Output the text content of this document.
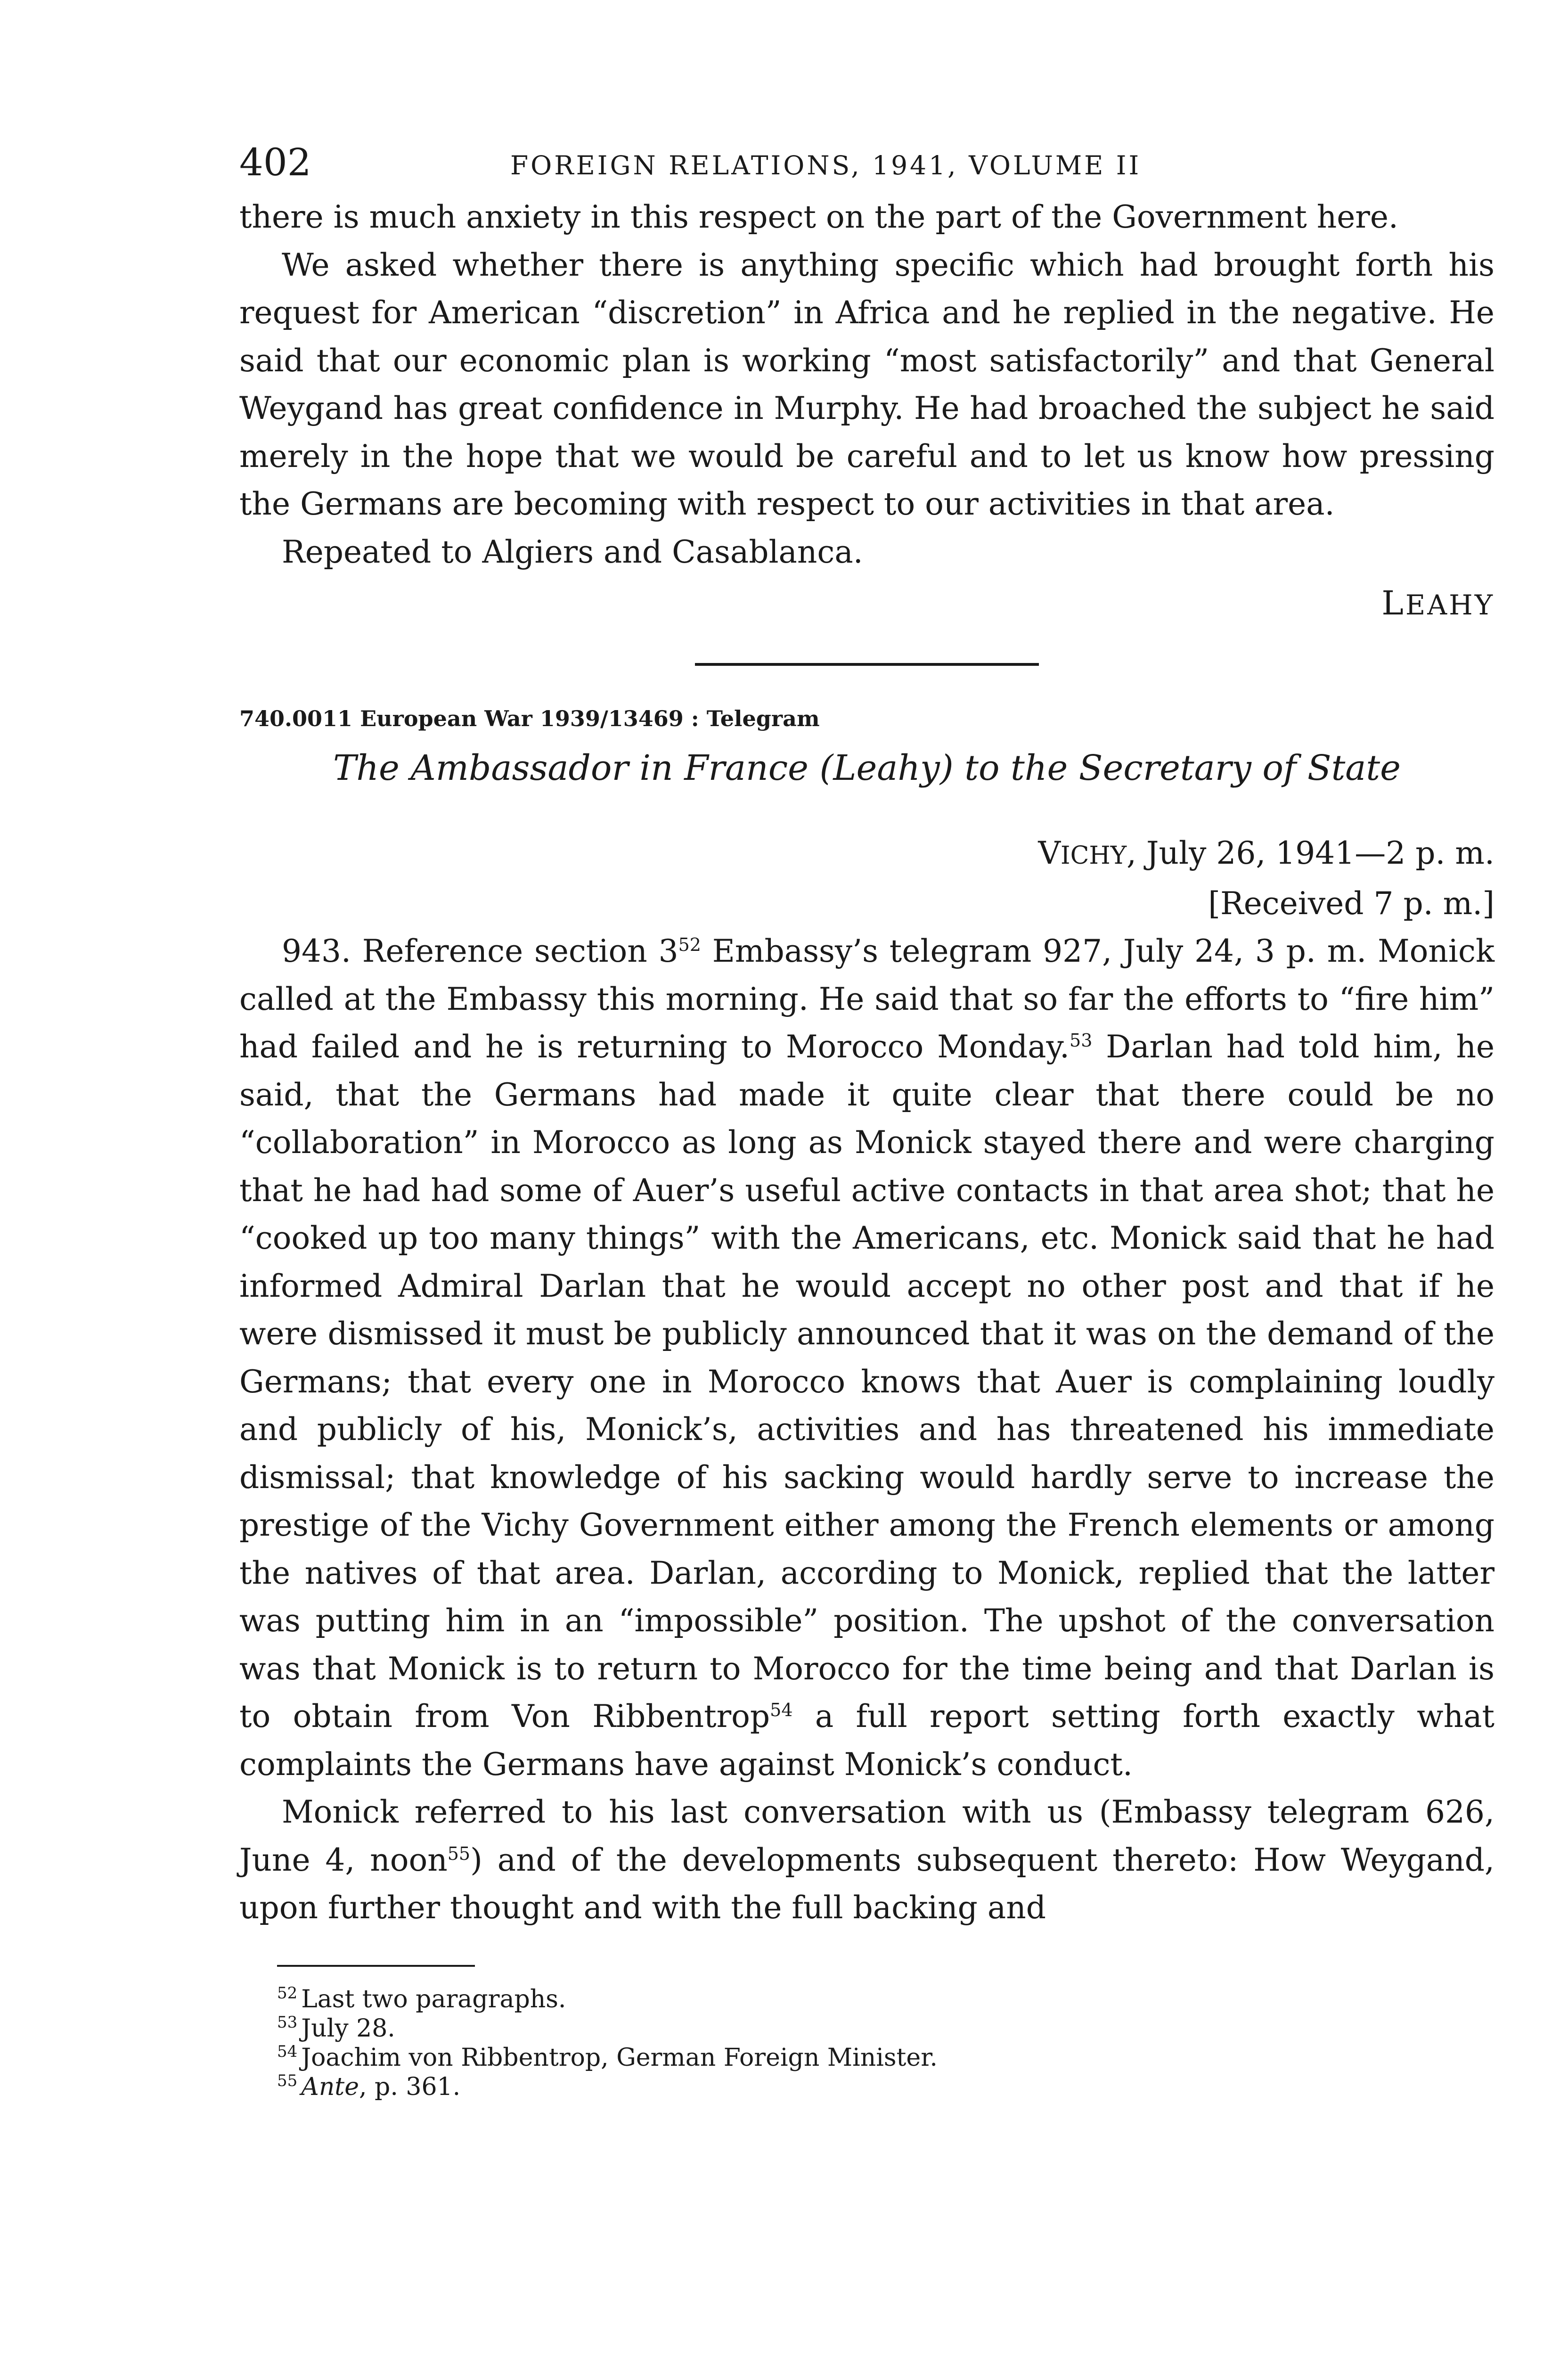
402	FOREIGN RELATIONS, 1941, VOLUME II

there is much anxiety in this respect on the part of the Government here.

We asked whether there is anything specific which had brought forth his request for American “discretion” in Africa and he replied in the negative. He said that our economic plan is working “most satisfactorily” and that General Weygand has great confidence in Murphy. He had broached the subject he said merely in the hope that we would be careful and to let us know how pressing the Germans are becoming with respect to our activities in that area.

Repeated to Algiers and Casablanca.

LEAHY
740.0011 European War 1939/13469 : Telegram
The Ambassador in France (Leahy) to the Secretary of State
VICHY, July 26, 1941—2 p. m.
[Received 7 p. m.]

943. Reference section $3^{52}$ Embassy’s telegram 927, July 24, 3 p. m. Monick called at the Embassy this morning. He said that so far the efforts to “fire him” had failed and he is returning to Morocco Monday.$^{53}$ Darlan had told him, he said, that the Germans had made it quite clear that there could be no “collaboration” in Morocco as long as Monick stayed there and were charging that he had had some of Auer’s useful active contacts in that area shot; that he “cooked up too many things” with the Americans, etc. Monick said that he had informed Admiral Darlan that he would accept no other post and that if he were dismissed it must be publicly announced that it was on the demand of the Germans; that every one in Morocco knows that Auer is complaining loudly and publicly of his, Monick’s, activities and has threatened his immediate dismissal; that knowledge of his sacking would hardly serve to increase the prestige of the Vichy Government either among the French elements or among the natives of that area. Darlan, according to Monick, replied that the latter was putting him in an “impossible” position. The upshot of the conversation was that Monick is to return to Morocco for the time being and that Darlan is to obtain from Von Ribbentrop$^{54}$ a full report setting forth exactly what complaints the Germans have against Monick’s conduct.

Monick referred to his last conversation with us (Embassy telegram 626, June 4, noon$^{55}$) and of the developments subsequent thereto: How Weygand, upon further thought and with the full backing and

$^{52}$ Last two paragraphs.
$^{53}$ July 28.
$^{54}$ Joachim von Ribbentrop, German Foreign Minister.
$^{55}$ Ante, p. 361.
